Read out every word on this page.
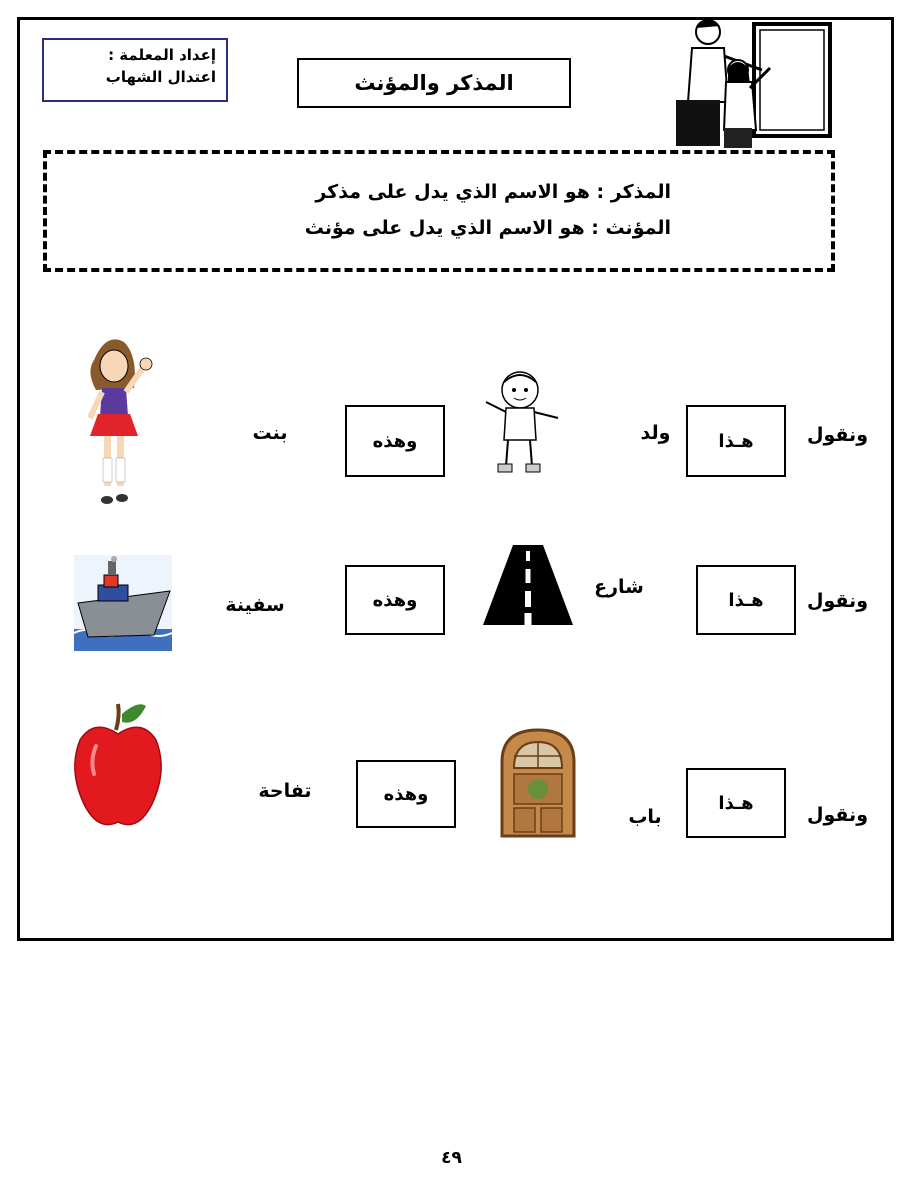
إعداد المعلمة :
اعتدال الشهاب	المذكر والمؤنث
المذكر : هو الاسم الذي يدل على مذكر
المؤنث : هو الاسم الذي يدل على مؤنث
ونقول
هـذا
ولد
وهذه
بنت
ونقول
هـذا
شارع
وهذه
سفينة
ونقول
هـذا
باب
وهذه
تفاحة
٤٩
